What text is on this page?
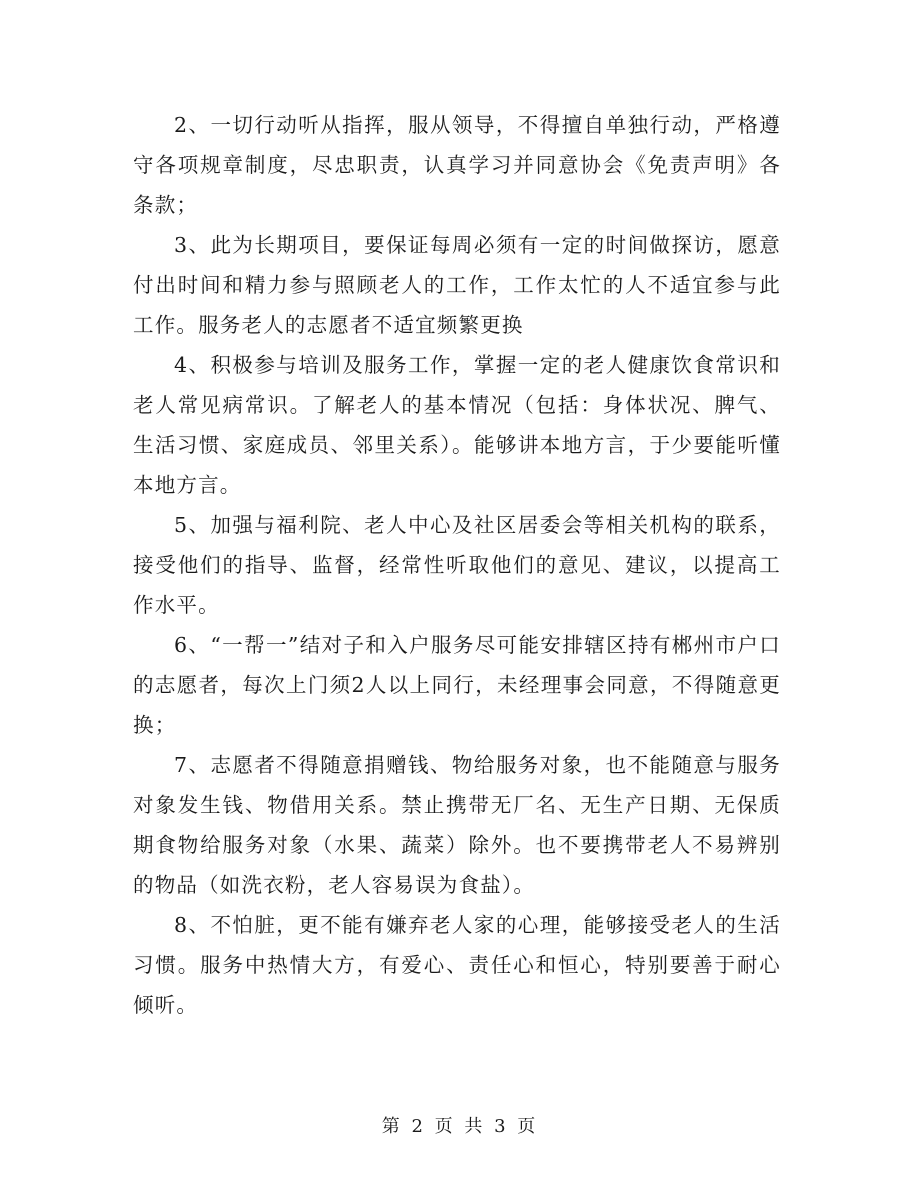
2、一切行动听从指挥，服从领导，不得擅自单独行动，严格遵守各项规章制度，尽忠职责，认真学习并同意协会《免责声明》各条款；

3、此为长期项目，要保证每周必须有一定的时间做探访，愿意付出时间和精力参与照顾老人的工作，工作太忙的人不适宜参与此工作。服务老人的志愿者不适宜频繁更换

4、积极参与培训及服务工作，掌握一定的老人健康饮食常识和老人常见病常识。了解老人的基本情况（包括：身体状况、脾气、生活习惯、家庭成员、邻里关系）。能够讲本地方言，于少要能听懂本地方言。

5、加强与福利院、老人中心及社区居委会等相关机构的联系，接受他们的指导、监督，经常性听取他们的意见、建议，以提高工作水平。

6、“一帮一”结对子和入户服务尽可能安排辖区持有郴州市户口的志愿者，每次上门须2人以上同行，未经理事会同意，不得随意更换；

7、志愿者不得随意捐赠钱、物给服务对象，也不能随意与服务对象发生钱、物借用关系。禁止携带无厂名、无生产日期、无保质期食物给服务对象（水果、蔬菜）除外。也不要携带老人不易辨别的物品（如洗衣粉，老人容易误为食盐）。

8、不怕脏，更不能有嫌弃老人家的心理，能够接受老人的生活习惯。服务中热情大方，有爱心、责任心和恒心，特别要善于耐心倾听。

第 2 页 共 3 页
